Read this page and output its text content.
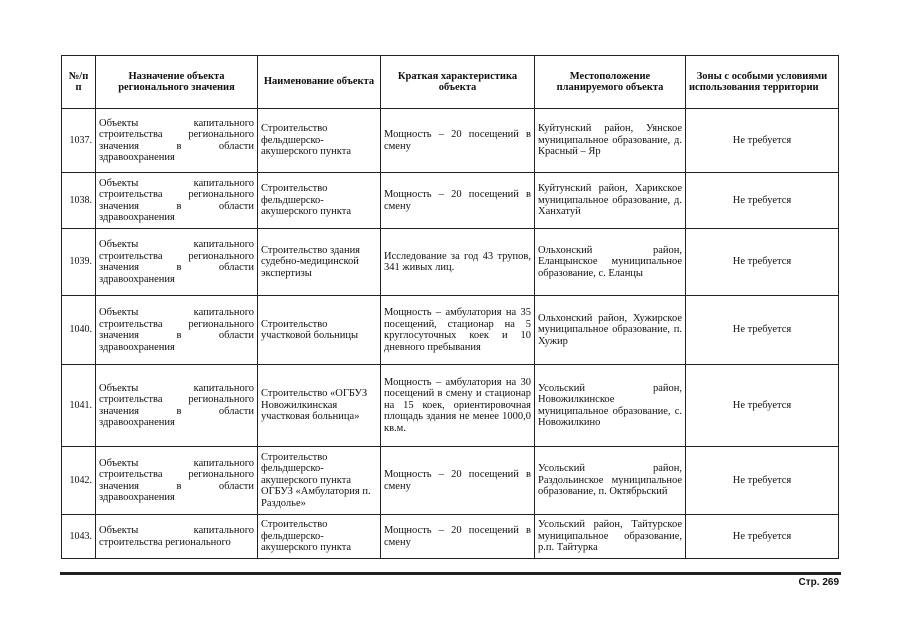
№/п п	Назначение объекта регионального значения	Наименование объекта	Краткая характеристика объекта	Местоположение планируемого объекта	Зоны с особыми условиями использования территории
1037.	Объекты капитального строительства регионального значения в области здравоохранения	Строительство фельдшерско-акушерского пункта	Мощность – 20 посещений в смену	Куйтунский район, Уянское муниципальное образование, д. Красный – Яр	Не требуется
1038.	Объекты капитального строительства регионального значения в области здравоохранения	Строительство фельдшерско-акушерского пункта	Мощность – 20 посещений в смену	Куйтунский район, Харикское муниципальное образование, д. Ханхатуй	Не требуется
1039.	Объекты капитального строительства регионального значения в области здравоохранения	Строительство здания судебно-медицинской экспертизы	Исследование за год 43 трупов, 341 живых лиц.	Ольхонский район, Еланцынское муниципальное образование, с. Еланцы	Не требуется
1040.	Объекты капитального строительства регионального значения в области здравоохранения	Строительство участковой больницы	Мощность – амбулатория на 35 посещений, стационар на 5 круглосуточных коек и 10 дневного пребывания	Ольхонский район, Хужирское муниципальное образование, п. Хужир	Не требуется
1041.	Объекты капитального строительства регионального значения в области здравоохранения	Строительство «ОГБУЗ Новожилкинская участковая больница»	Мощность – амбулатория на 30 посещений в смену и стационар на 15 коек, ориентировочная площадь здания не менее 1000,0 кв.м.	Усольский район, Новожилкинское муниципальное образование, с. Новожилкино	Не требуется
1042.	Объекты капитального строительства регионального значения в области здравоохранения	Строительство фельдшерско-акушерского пункта ОГБУЗ «Амбулатория п. Раздолье»	Мощность – 20 посещений в смену	Усольский район, Раздольинское муниципальное образование, п. Октябрьский	Не требуется
1043.	Объекты капитального строительства регионального	Строительство фельдшерско-акушерского пункта	Мощность – 20 посещений в смену	Усольский район, Тайтурское муниципальное образование, р.п. Тайтурка	Не требуется
Стр. 269
